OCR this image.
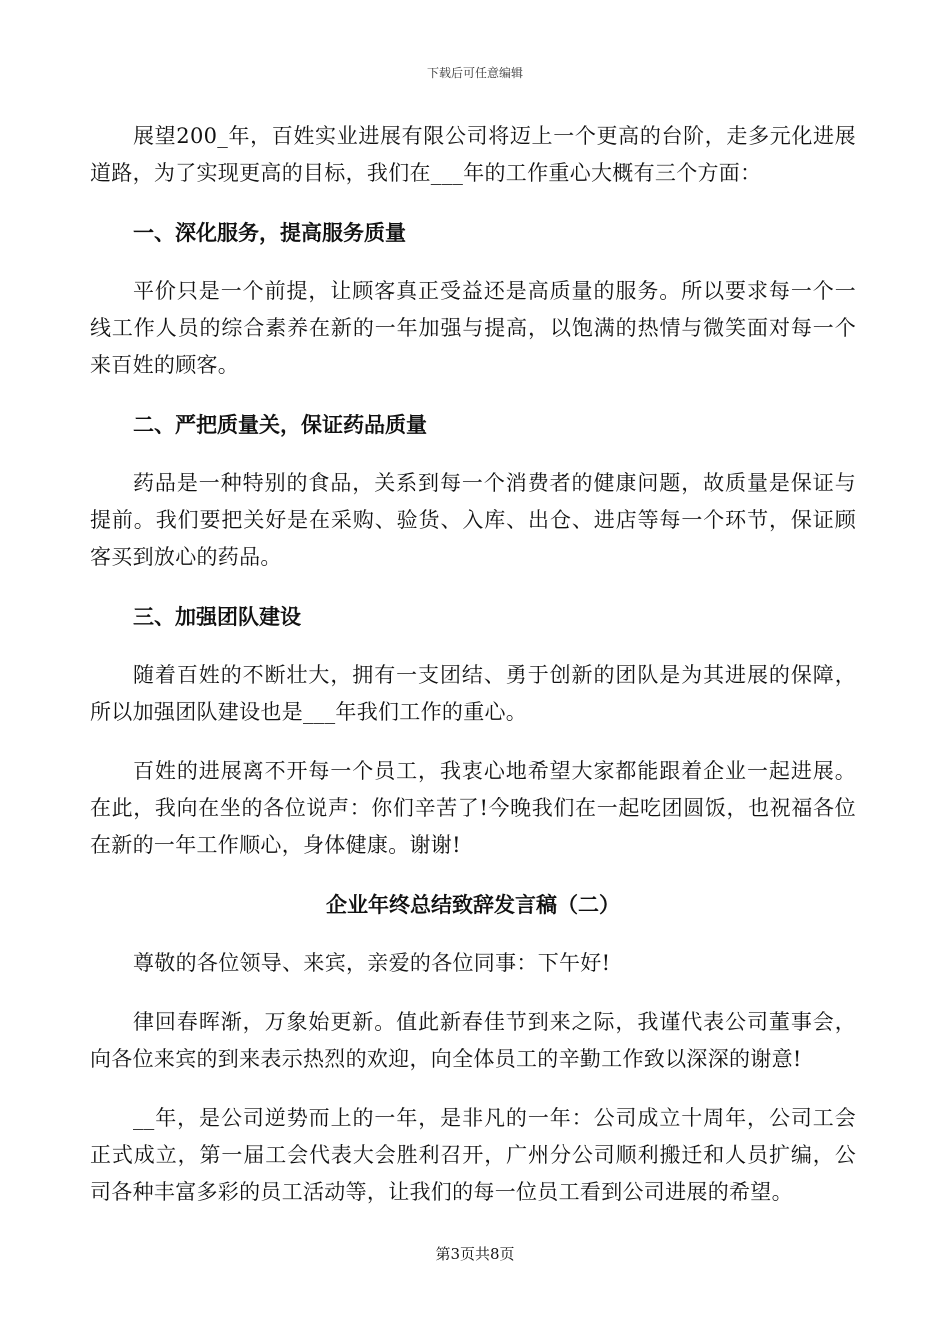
下载后可任意编辑

展望200_年，百姓实业进展有限公司将迈上一个更高的台阶，走多元化进展道路，为了实现更高的目标，我们在___年的工作重心大概有三个方面：

一、深化服务，提高服务质量

平价只是一个前提，让顾客真正受益还是高质量的服务。所以要求每一个一线工作人员的综合素养在新的一年加强与提高，以饱满的热情与微笑面对每一个来百姓的顾客。

二、严把质量关，保证药品质量

药品是一种特别的食品，关系到每一个消费者的健康问题，故质量是保证与提前。我们要把关好是在采购、验货、入库、出仓、进店等每一个环节，保证顾客买到放心的药品。

三、加强团队建设

随着百姓的不断壮大，拥有一支团结、勇于创新的团队是为其进展的保障，所以加强团队建设也是___年我们工作的重心。

百姓的进展离不开每一个员工，我衷心地希望大家都能跟着企业一起进展。在此，我向在坐的各位说声：你们辛苦了!今晚我们在一起吃团圆饭，也祝福各位在新的一年工作顺心，身体健康。谢谢!

企业年终总结致辞发言稿（二）

尊敬的各位领导、来宾，亲爱的各位同事：下午好!

律回春晖渐，万象始更新。值此新春佳节到来之际，我谨代表公司董事会，向各位来宾的到来表示热烈的欢迎，向全体员工的辛勤工作致以深深的谢意!

__年，是公司逆势而上的一年，是非凡的一年：公司成立十周年，公司工会正式成立，第一届工会代表大会胜利召开，广州分公司顺利搬迁和人员扩编，公司各种丰富多彩的员工活动等，让我们的每一位员工看到公司进展的希望。

第3页共8页
